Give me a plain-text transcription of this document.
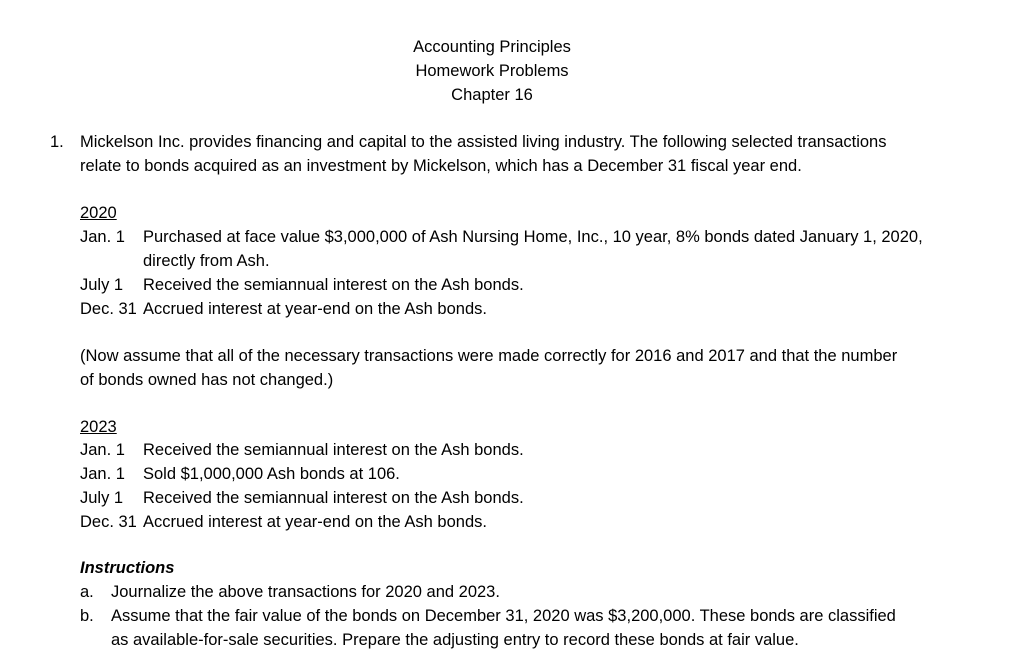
Accounting Principles
Homework Problems
Chapter 16
1. Mickelson Inc. provides financing and capital to the assisted living industry. The following selected transactions
relate to bonds acquired as an investment by Mickelson, which has a December 31 fiscal year end.
2020
Jan. 1 Purchased at face value $3,000,000 of Ash Nursing Home, Inc., 10 year, 8% bonds dated January 1, 2020,
directly from Ash.
July 1 Received the semiannual interest on the Ash bonds.
Dec. 31 Accrued interest at year-end on the Ash bonds.
(Now assume that all of the necessary transactions were made correctly for 2016 and 2017 and that the number
of bonds owned has not changed.)
2023
Jan. 1 Received the semiannual interest on the Ash bonds.
Jan. 1 Sold $1,000,000 Ash bonds at 106.
July 1 Received the semiannual interest on the Ash bonds.
Dec. 31 Accrued interest at year-end on the Ash bonds.
Instructions
a. Journalize the above transactions for 2020 and 2023.
b. Assume that the fair value of the bonds on December 31, 2020 was $3,200,000. These bonds are classified
as available-for-sale securities. Prepare the adjusting entry to record these bonds at fair value.
